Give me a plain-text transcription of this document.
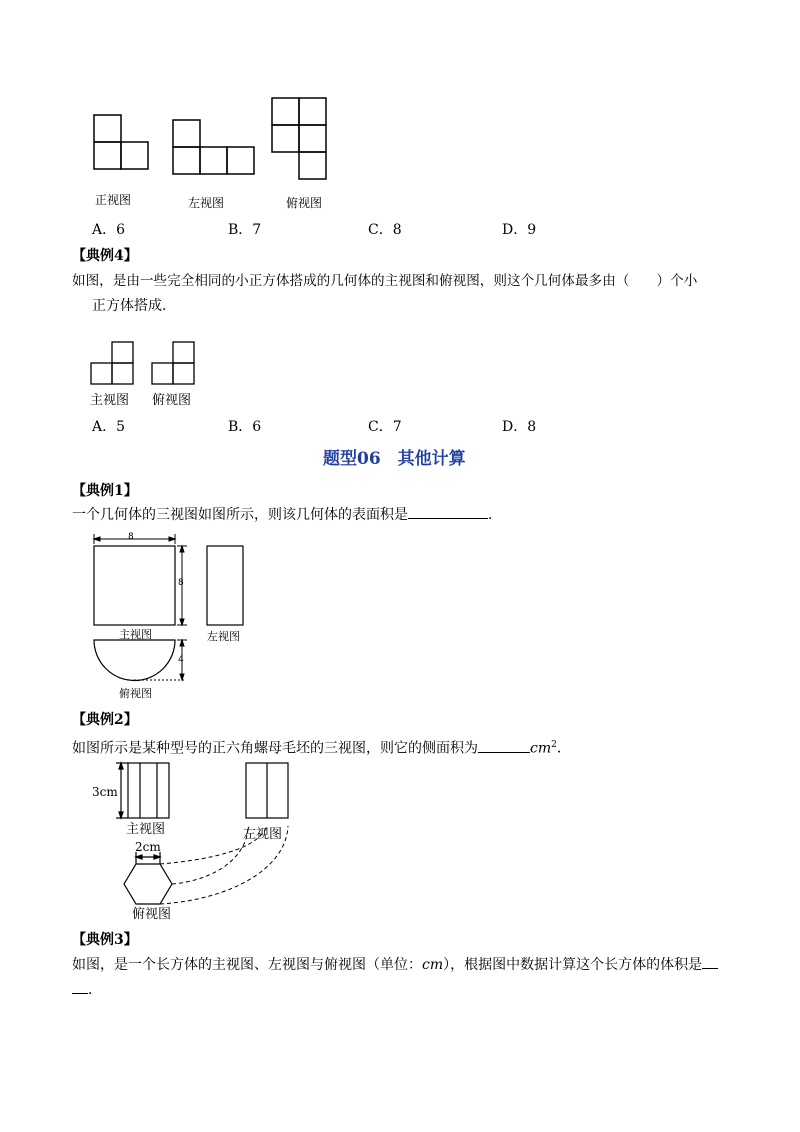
正视图	左视图	俯视图
A．6	B．7	C．8	D．9
【典例4】
如图，是由一些完全相同的小正方体搭成的几何体的主视图和俯视图，则这个几何体最多由（　　）个小
正方体搭成．
主视图 俯视图
A．5	B．6	C．7	D．8
题型06　其他计算
【典例1】
一个几何体的三视图如图所示，则该几何体的表面积是	．
8
8
4
主视图	左视图
俯视图
【典例2】
如图所示是某种型号的正六角螺母毛坯的三视图，则它的侧面积为	$cm^2$．
3cm
2cm
主视图	左视图
俯视图
【典例3】
如图，是一个长方体的主视图、左视图与俯视图（单位：cm），根据图中数据计算这个长方体的体积是
．
